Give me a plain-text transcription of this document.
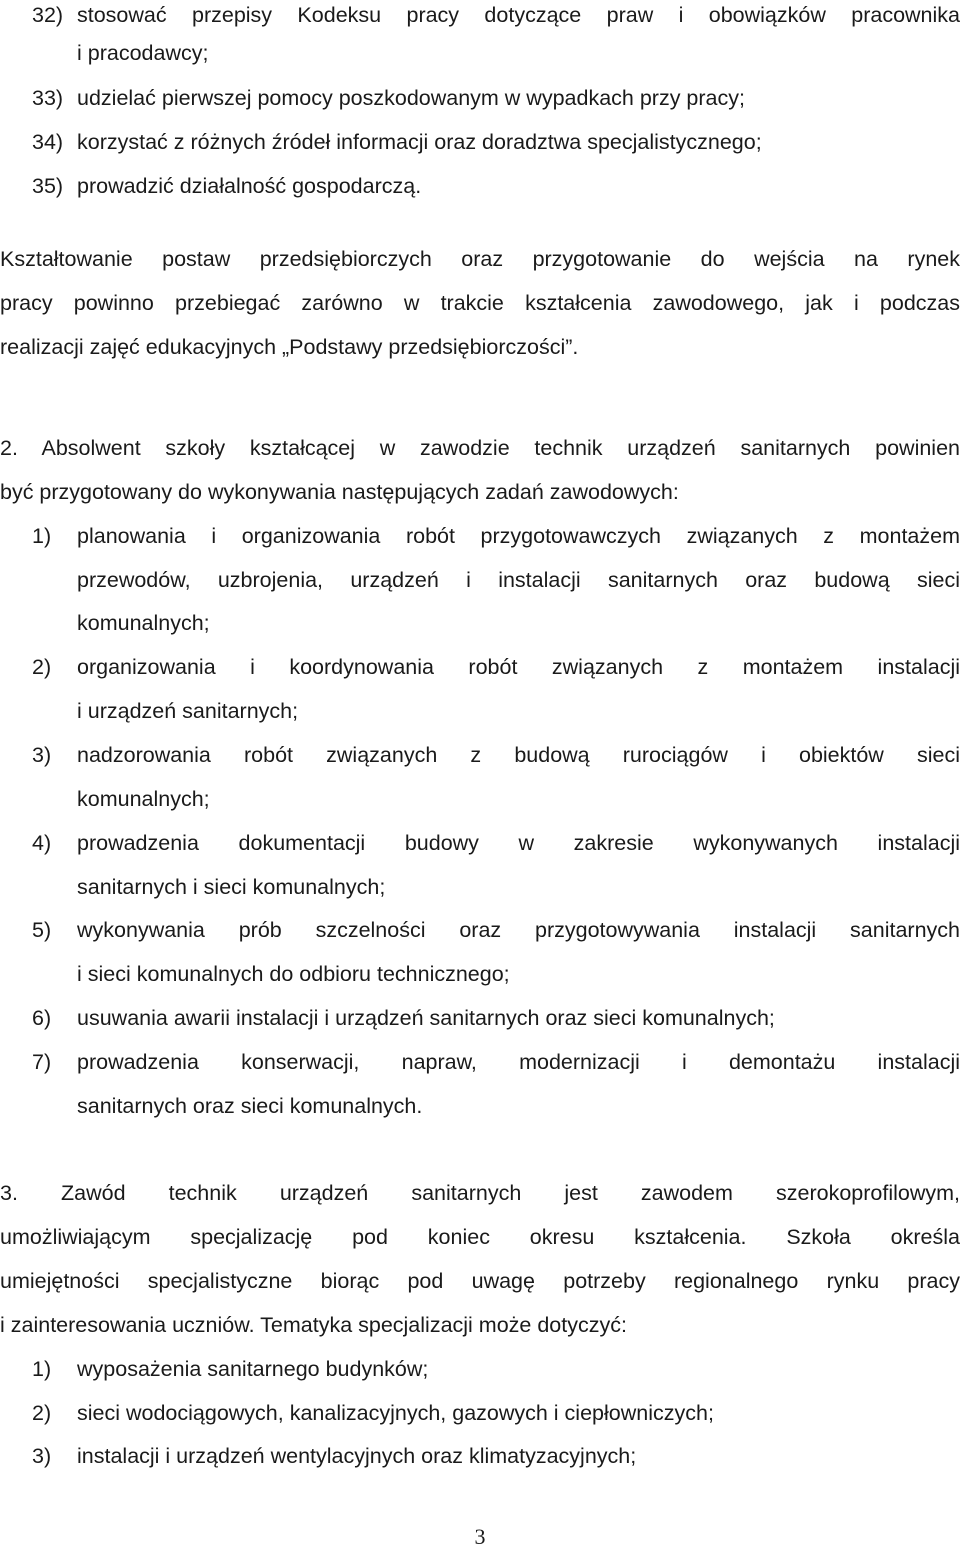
32) stosować przepisy Kodeksu pracy dotyczące praw i obowiązków pracownika
i pracodawcy;
33) udzielać pierwszej pomocy poszkodowanym w wypadkach przy pracy;
34) korzystać z różnych źródeł informacji oraz doradztwa specjalistycznego;
35) prowadzić działalność gospodarczą.
Kształtowanie postaw przedsiębiorczych oraz przygotowanie do wejścia na rynek
pracy powinno przebiegać zarówno w trakcie kształcenia zawodowego, jak i podczas
realizacji zajęć edukacyjnych „Podstawy przedsiębiorczości”.
2. Absolwent szkoły kształcącej w zawodzie technik urządzeń sanitarnych powinien
być przygotowany do wykonywania następujących zadań zawodowych:
1)	planowania i organizowania robót przygotowawczych związanych z montażem
przewodów, uzbrojenia, urządzeń i instalacji sanitarnych oraz budową sieci
komunalnych;
2)	organizowania i koordynowania robót związanych z montażem instalacji
i urządzeń sanitarnych;
3)	nadzorowania robót związanych z budową rurociągów i obiektów sieci
komunalnych;
4)	prowadzenia dokumentacji budowy w zakresie wykonywanych instalacji
sanitarnych i sieci komunalnych;
5)	wykonywania prób szczelności oraz przygotowywania instalacji sanitarnych
i sieci komunalnych do odbioru technicznego;
6)	usuwania awarii instalacji i urządzeń sanitarnych oraz sieci komunalnych;
7)	prowadzenia konserwacji, napraw, modernizacji i demontażu instalacji
sanitarnych oraz sieci komunalnych.
3. Zawód technik urządzeń sanitarnych jest zawodem szerokoprofilowym,
umożliwiającym specjalizację pod koniec okresu kształcenia. Szkoła określa
umiejętności specjalistyczne biorąc pod uwagę potrzeby regionalnego rynku pracy
i zainteresowania uczniów. Tematyka specjalizacji może dotyczyć:
1)	wyposażenia sanitarnego budynków;
2)	sieci wodociągowych, kanalizacyjnych, gazowych i ciepłowniczych;
3)	instalacji i urządzeń wentylacyjnych oraz klimatyzacyjnych;
3
